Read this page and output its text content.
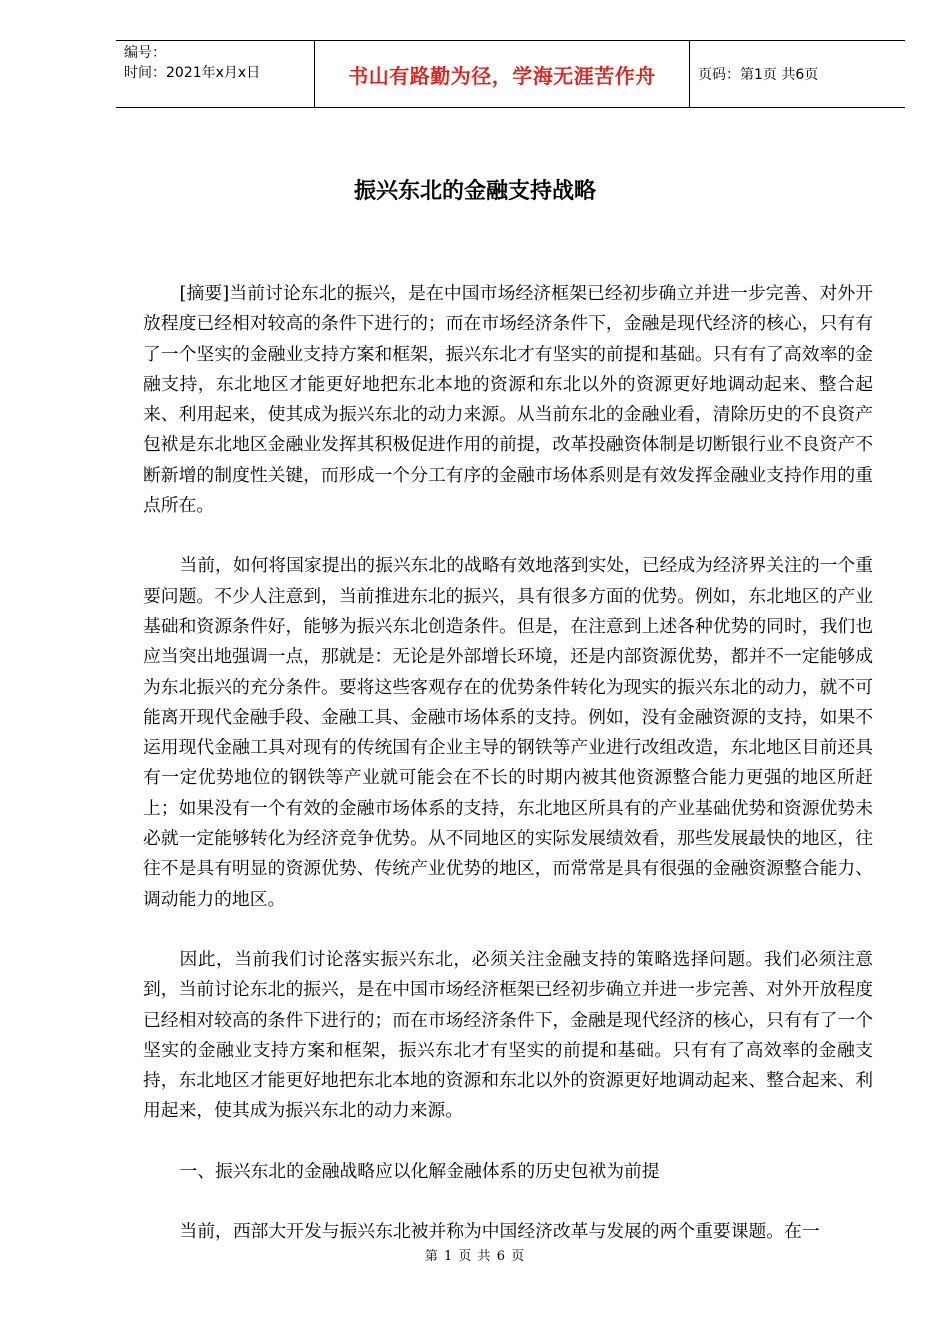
编号：
时间：2021年x月x日	书山有路勤为径，学海无涯苦作舟	页码：第1页 共6页
振兴东北的金融支持战略

[摘要]当前讨论东北的振兴，是在中国市场经济框架已经初步确立并进一步完善、对外开放程度已经相对较高的条件下进行的；而在市场经济条件下，金融是现代经济的核心，只有有了一个坚实的金融业支持方案和框架，振兴东北才有坚实的前提和基础。只有有了高效率的金融支持，东北地区才能更好地把东北本地的资源和东北以外的资源更好地调动起来、整合起来、利用起来，使其成为振兴东北的动力来源。从当前东北的金融业看，清除历史的不良资产包袱是东北地区金融业发挥其积极促进作用的前提，改革投融资体制是切断银行业不良资产不断新增的制度性关键，而形成一个分工有序的金融市场体系则是有效发挥金融业支持作用的重点所在。

当前，如何将国家提出的振兴东北的战略有效地落到实处，已经成为经济界关注的一个重要问题。不少人注意到，当前推进东北的振兴，具有很多方面的优势。例如，东北地区的产业基础和资源条件好，能够为振兴东北创造条件。但是，在注意到上述各种优势的同时，我们也应当突出地强调一点，那就是：无论是外部增长环境，还是内部资源优势，都并不一定能够成为东北振兴的充分条件。要将这些客观存在的优势条件转化为现实的振兴东北的动力，就不可能离开现代金融手段、金融工具、金融市场体系的支持。例如，没有金融资源的支持，如果不运用现代金融工具对现有的传统国有企业主导的钢铁等产业进行改组改造，东北地区目前还具有一定优势地位的钢铁等产业就可能会在不长的时期内被其他资源整合能力更强的地区所赶上；如果没有一个有效的金融市场体系的支持，东北地区所具有的产业基础优势和资源优势未必就一定能够转化为经济竞争优势。从不同地区的实际发展绩效看，那些发展最快的地区，往往不是具有明显的资源优势、传统产业优势的地区，而常常是具有很强的金融资源整合能力、调动能力的地区。

因此，当前我们讨论落实振兴东北，必须关注金融支持的策略选择问题。我们必须注意到，当前讨论东北的振兴，是在中国市场经济框架已经初步确立并进一步完善、对外开放程度已经相对较高的条件下进行的；而在市场经济条件下，金融是现代经济的核心，只有有了一个坚实的金融业支持方案和框架，振兴东北才有坚实的前提和基础。只有有了高效率的金融支持，东北地区才能更好地把东北本地的资源和东北以外的资源更好地调动起来、整合起来、利用起来，使其成为振兴东北的动力来源。

一、振兴东北的金融战略应以化解金融体系的历史包袱为前提

当前，西部大开发与振兴东北被并称为中国经济改革与发展的两个重要课题。在一

第 1 页 共 6 页
